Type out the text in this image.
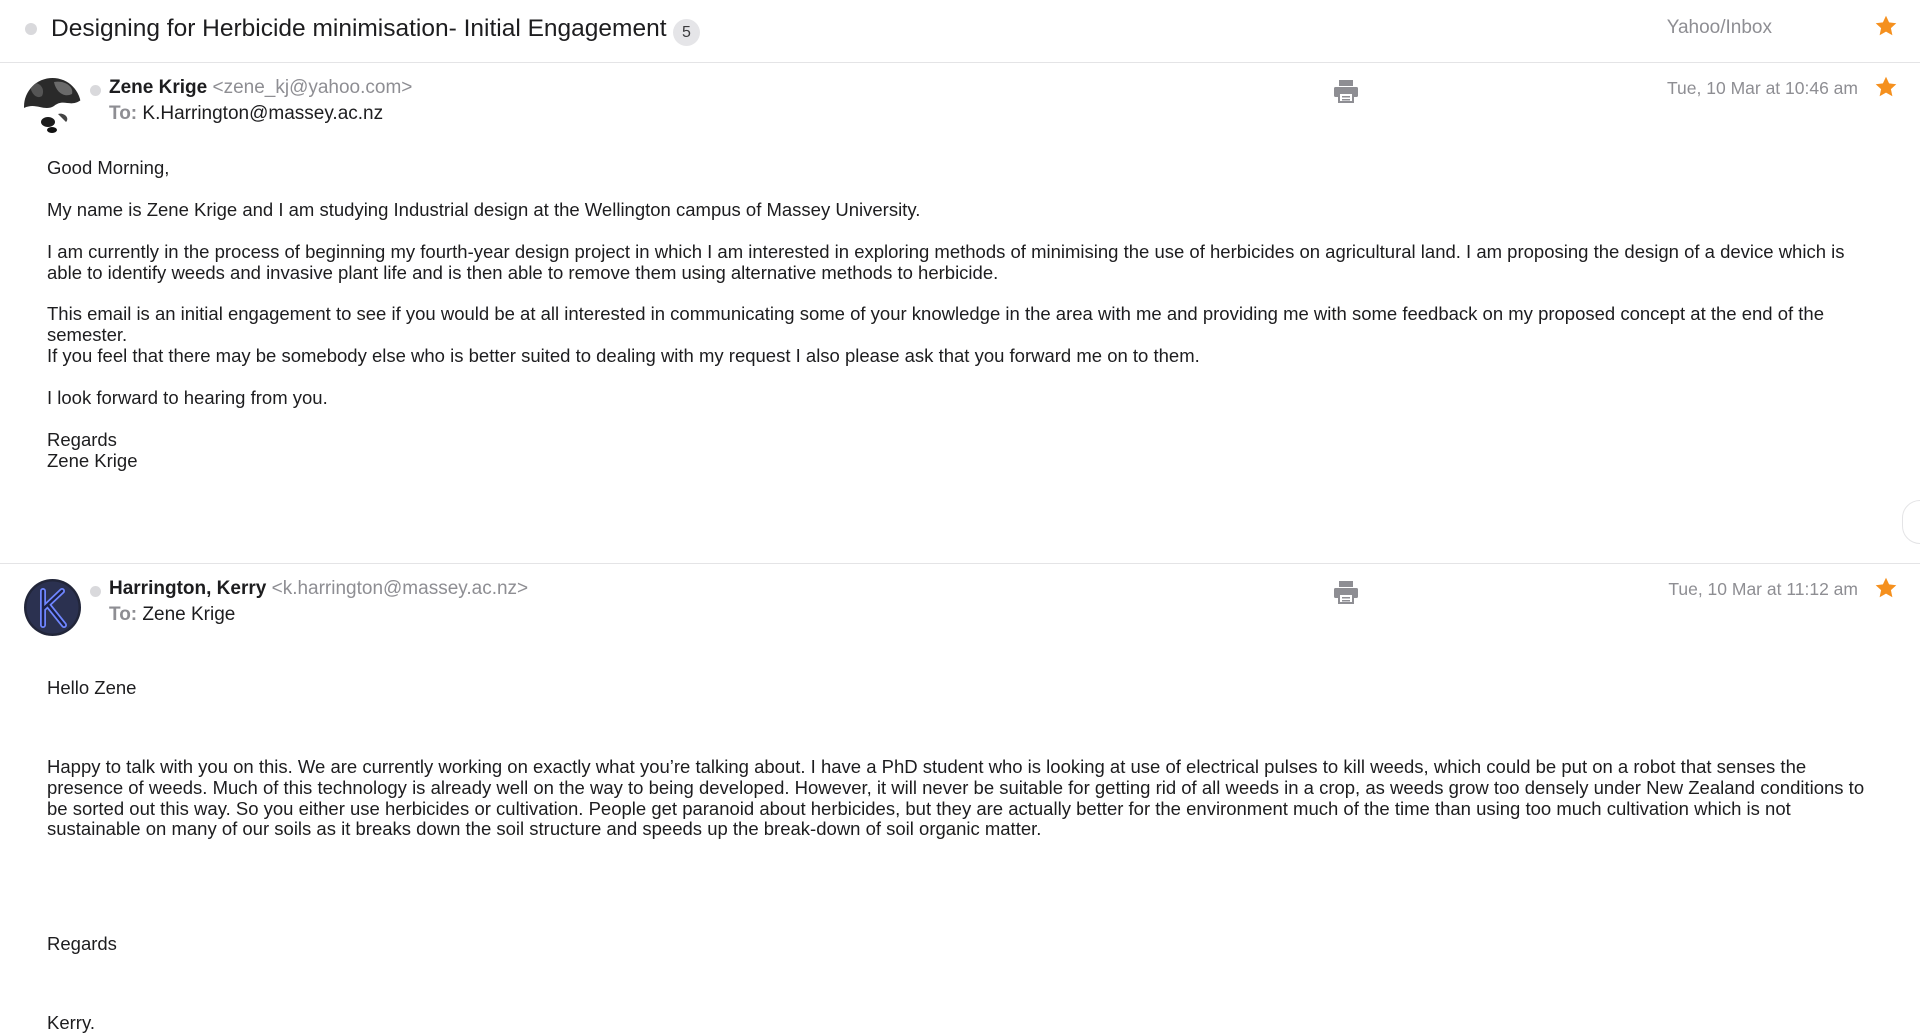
Designing for Herbicide minimisation- Initial Engagement 5	Yahoo/Inbox
Zene Krige <zene_kj@yahoo.com>
To: K.Harrington@massey.ac.nz
Tue, 10 Mar at 10:46 am
Good Morning,
My name is Zene Krige and I am studying Industrial design at the Wellington campus of Massey University.
I am currently in the process of beginning my fourth-year design project in which I am interested in exploring methods of minimising the use of herbicides on agricultural land. I am proposing the design of a device which is able to identify weeds and invasive plant life and is then able to remove them using alternative methods to herbicide.
This email is an initial engagement to see if you would be at all interested in communicating some of your knowledge in the area with me and providing me with some feedback on my proposed concept at the end of the semester.
If you feel that there may be somebody else who is better suited to dealing with my request I also please ask that you forward me on to them.
I look forward to hearing from you.
Regards
Zene Krige
Harrington, Kerry <k.harrington@massey.ac.nz>
To: Zene Krige
Tue, 10 Mar at 11:12 am
Hello Zene
Happy to talk with you on this. We are currently working on exactly what you’re talking about. I have a PhD student who is looking at use of electrical pulses to kill weeds, which could be put on a robot that senses the presence of weeds. Much of this technology is already well on the way to being developed. However, it will never be suitable for getting rid of all weeds in a crop, as weeds grow too densely under New Zealand conditions to be sorted out this way. So you either use herbicides or cultivation. People get paranoid about herbicides, but they are actually better for the environment much of the time than using too much cultivation which is not sustainable on many of our soils as it breaks down the soil structure and speeds up the break-down of soil organic matter.
Regards
Kerry.
